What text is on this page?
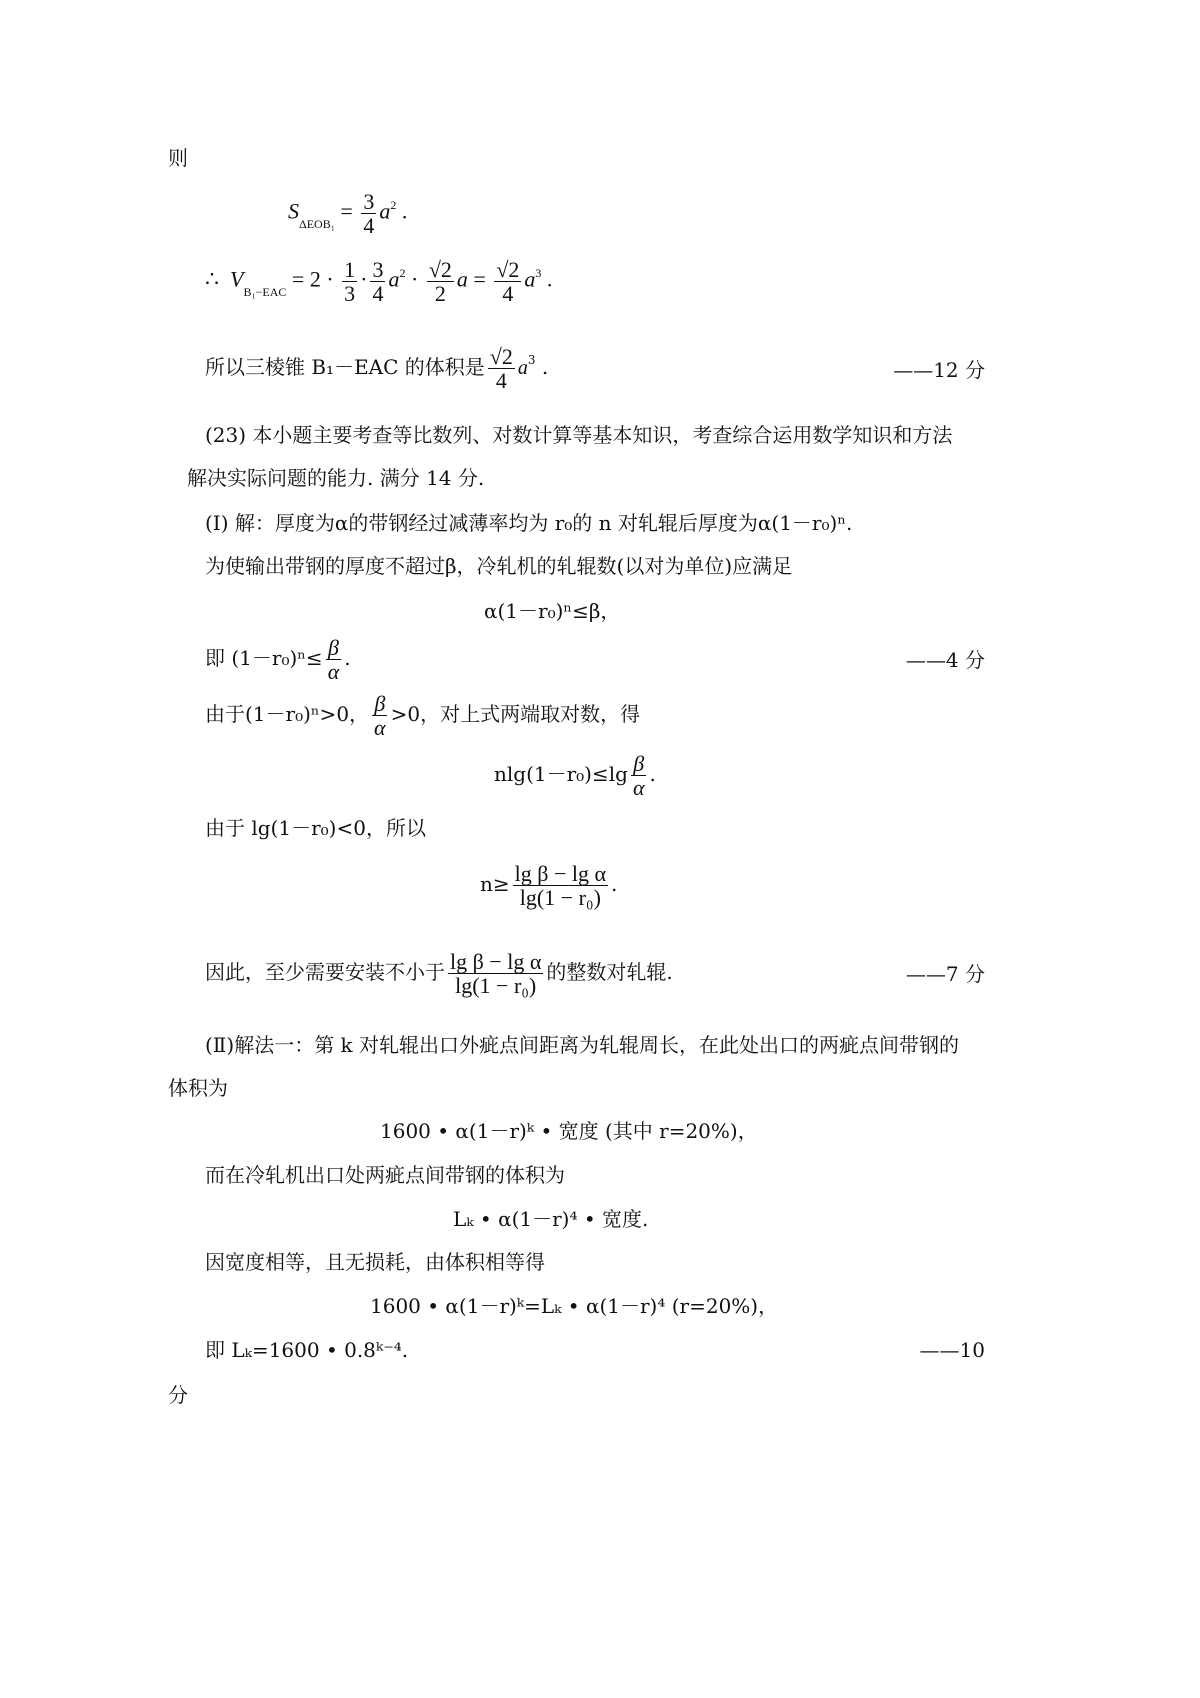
则
$S_{\Delta EOB_1} = \frac{3}{4} a^2$ .
∴  $V_{B_1-EAC} = 2 \cdot \frac{1}{3} \cdot \frac{3}{4} a^2 \cdot \frac{√2}{2}$ $a = \frac{√2}{4} a^3$ .
所以三棱锥 B₁－EAC 的体积是 $\frac{√2}{4} a^3$ .	——12 分
(23) 本小题主要考查等比数列、对数计算等基本知识，考查综合运用数学知识和方法
解决实际问题的能力. 满分 14 分.
(Ⅰ) 解：厚度为α的带钢经过减薄率均为 r₀的 n 对轧辊后厚度为α(1－r₀)ⁿ.
为使输出带钢的厚度不超过β，冷轧机的轧辊数(以对为单位)应满足
α(1－r₀)ⁿ≤β，
即 $(1-r_0)^n\le \frac{\beta}{\alpha}$ .	——4 分
由于(1－r₀)ⁿ>0， $\frac{\beta}{\alpha} >0$，对上式两端取对数，得
$nlg(1-r_0)\le\lg \frac{\beta}{\alpha}$ .
由于 lg(1－r₀)<0，所以
$n\ge \frac{\text{lg β − lg α}}{\text{lg(1 − r₀)}}$ .
因此，至少需要安装不小于 $\frac{\text{lg β − lg α}}{\text{lg(1 − r₀)}}$ 的整数对轧辊.	——7 分
(Ⅱ)解法一：第 k 对轧辊出口外疵点间距离为轧辊周长，在此处出口的两疵点间带钢的
体积为
1600 • α(1－r)ᵏ • 宽度 (其中 r=20%)，
而在冷轧机出口处两疵点间带钢的体积为
Lₖ • α(1－r)⁴ • 宽度.
因宽度相等，且无损耗，由体积相等得
1600 • α(1－r)ᵏ=Lₖ • α(1－r)⁴ (r=20%)，
即 Lₖ=1600 • 0.8ᵏ⁻⁴.	——10
分
